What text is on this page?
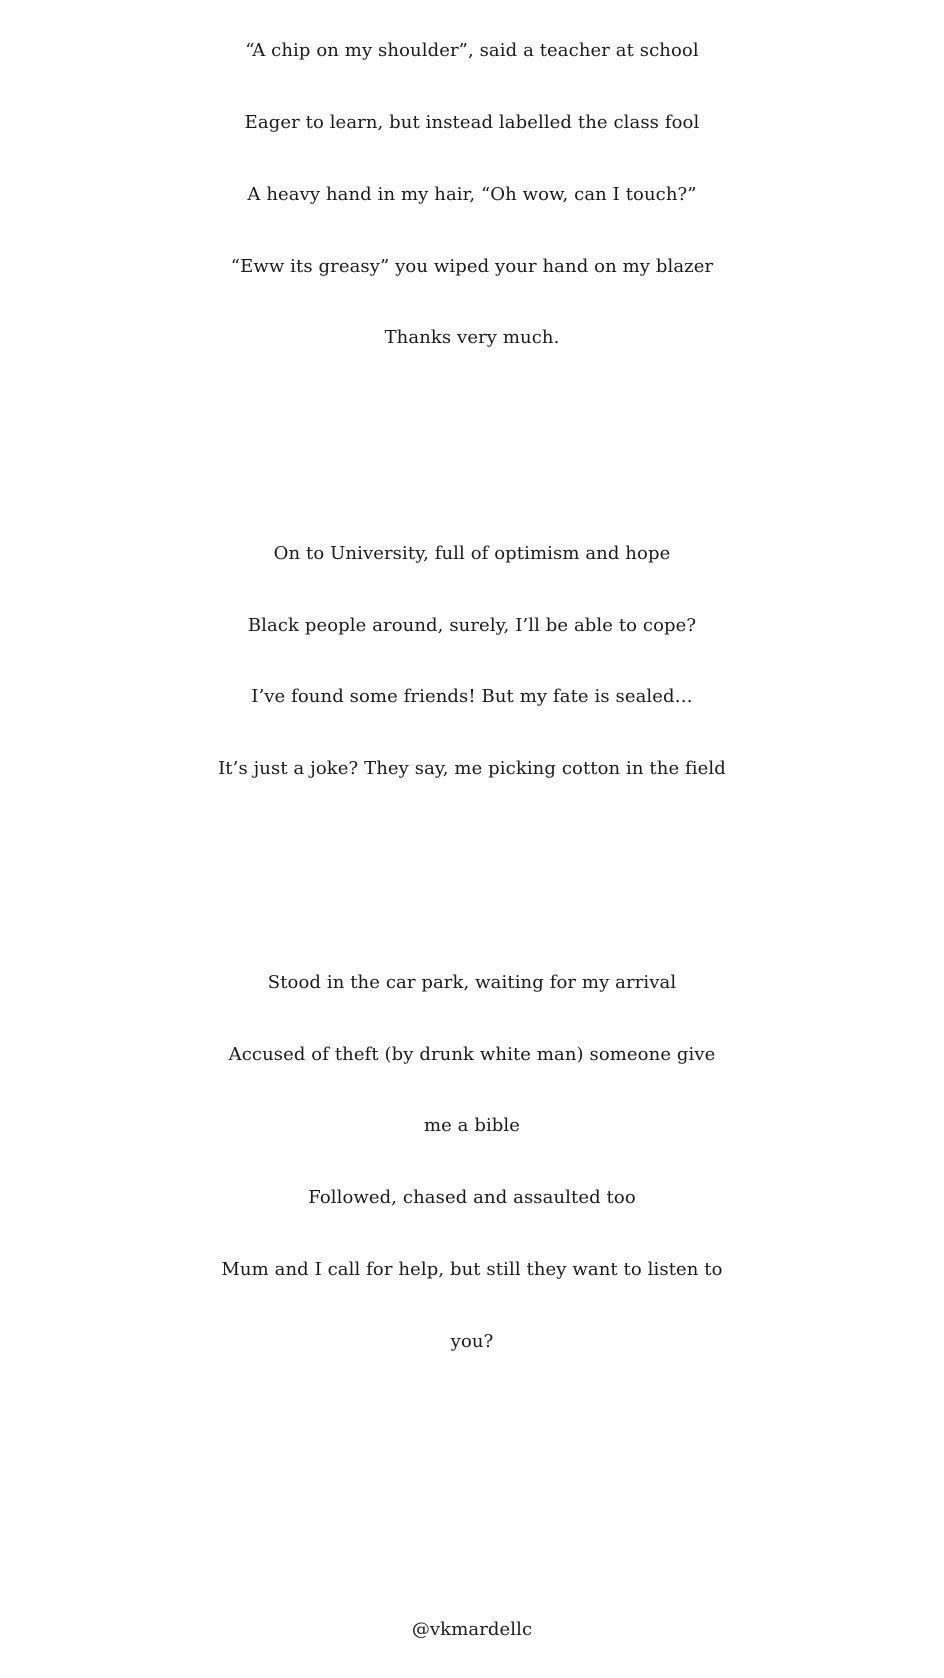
“A chip on my shoulder”, said a teacher at school
Eager to learn, but instead labelled the class fool
A heavy hand in my hair, “Oh wow, can I touch?”
“Eww its greasy” you wiped your hand on my blazer
Thanks very much.
On to University, full of optimism and hope
Black people around, surely, I’ll be able to cope?
I’ve found some friends! But my fate is sealed…
It’s just a joke? They say, me picking cotton in the field
Stood in the car park, waiting for my arrival
Accused of theft (by drunk white man) someone give
me a bible
Followed, chased and assaulted too
Mum and I call for help, but still they want to listen to
you?
@vkmardellc
